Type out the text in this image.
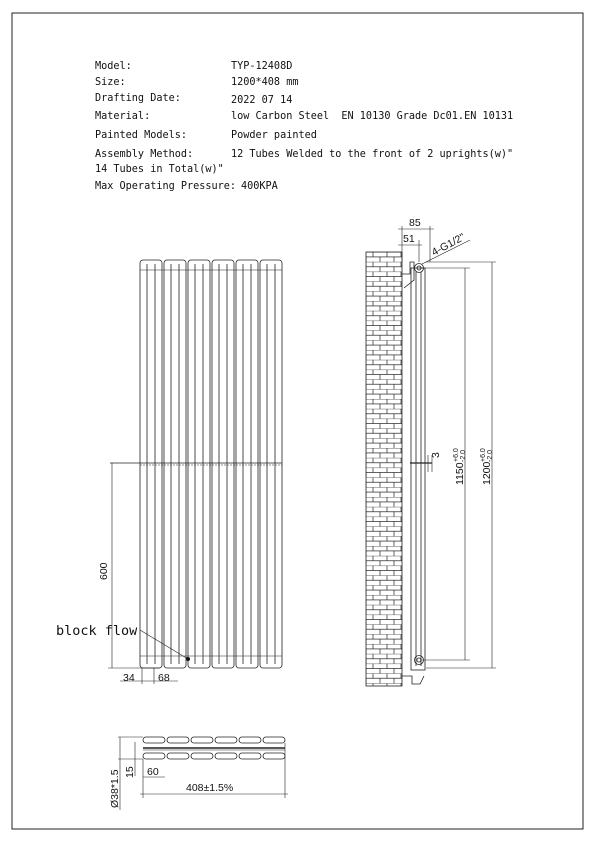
600
block flow
34 68
85
51 4-G1/2"
3
1150
+6.0 -2.0
1200
+6.0 -2.0
15 60
Ø38*1.5	408±1.5%
Model:	TYP-12408D
Size:	1200*408 mm
Drafting Date:	2022 07 14
Material:	low Carbon Steel  EN 10130 Grade Dc01.EN 10131
Painted Models:	Powder painted
Assembly Method:	12 Tubes Welded to the front of 2 uprights(w)"
14 Tubes in Total(w)"
Max Operating Pressure: 400KPA
